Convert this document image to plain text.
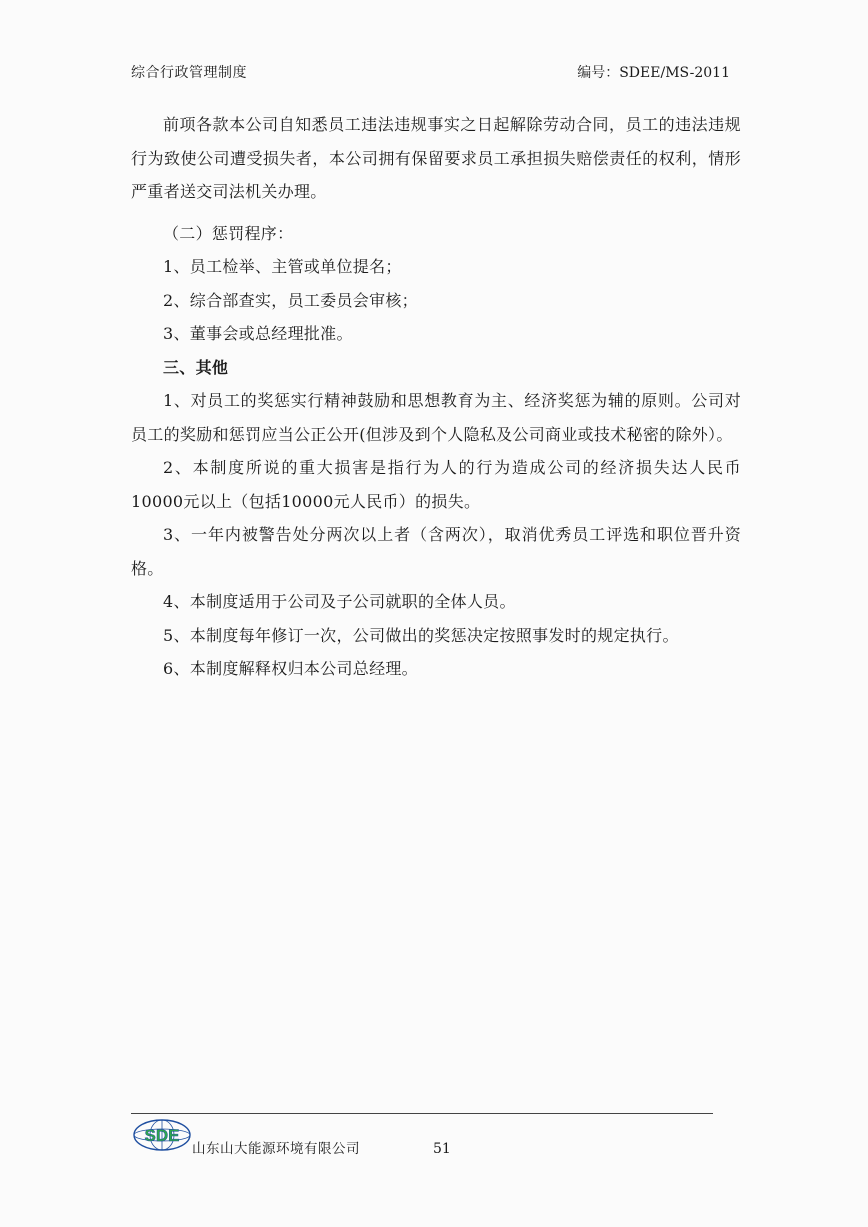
综合行政管理制度	编号：SDEE/MS-2011

前项各款本公司自知悉员工违法违规事实之日起解除劳动合同，员工的违法违规行为致使公司遭受损失者，本公司拥有保留要求员工承担损失赔偿责任的权利，情形严重者送交司法机关办理。

（二）惩罚程序：

1、员工检举、主管或单位提名；

2、综合部查实，员工委员会审核；

3、董事会或总经理批准。

三、其他

1、对员工的奖惩实行精神鼓励和思想教育为主、经济奖惩为辅的原则。公司对员工的奖励和惩罚应当公正公开(但涉及到个人隐私及公司商业或技术秘密的除外）。

2、本制度所说的重大损害是指行为人的行为造成公司的经济损失达人民币10000元以上（包括10000元人民币）的损失。

3、一年内被警告处分两次以上者（含两次），取消优秀员工评选和职位晋升资格。

4、本制度适用于公司及子公司就职的全体人员。

5、本制度每年修订一次，公司做出的奖惩决定按照事发时的规定执行。

6、本制度解释权归本公司总经理。

SDE
山东山大能源环境有限公司	51
